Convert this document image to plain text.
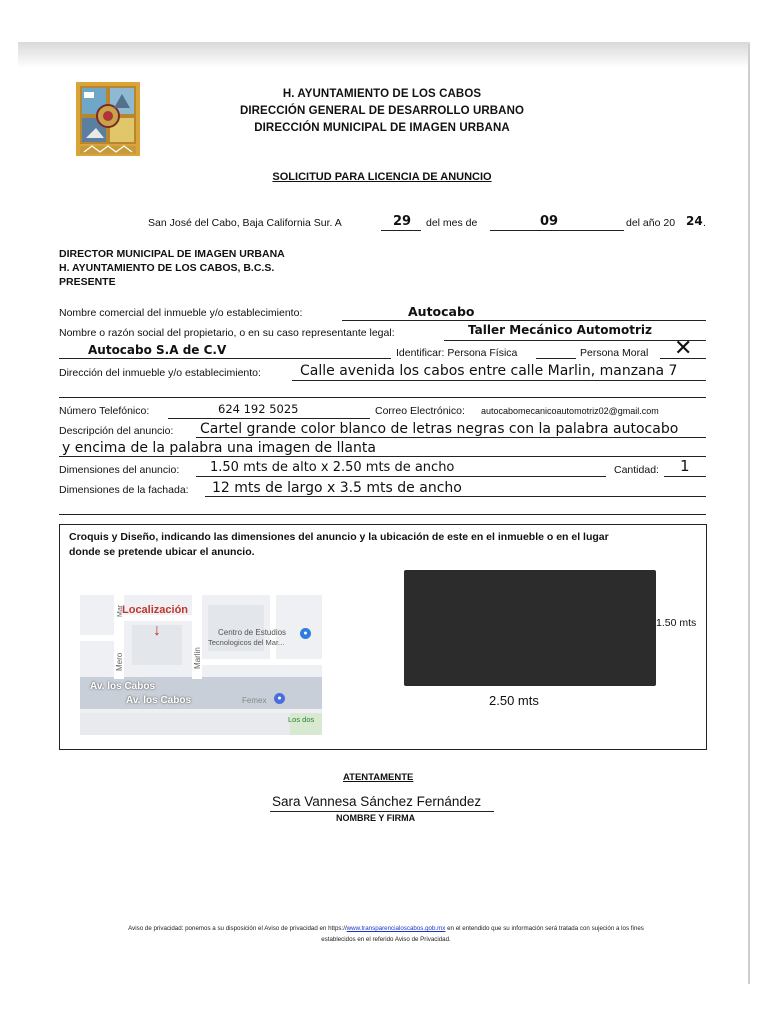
H. AYUNTAMIENTO DE LOS CABOS
DIRECCIÓN GENERAL DE DESARROLLO URBANO
DIRECCIÓN MUNICIPAL DE IMAGEN URBANA
SOLICITUD PARA LICENCIA DE ANUNCIO
San José del Cabo, Baja California Sur. A	29 del mes de	09	del año 20 24 .
DIRECTOR MUNICIPAL DE IMAGEN URBANA
H. AYUNTAMIENTO DE LOS CABOS, B.C.S.
PRESENTE
Nombre comercial del inmueble y/o establecimiento:	Autocabo
Nombre o razón social del propietario, o en su caso representante legal:	Taller Mecánico Automotriz
Autocabo S.A de C.V	Identificar: Persona Física	Persona Moral ✕
Dirección del inmueble y/o establecimiento:	Calle avenida los cabos entre calle Marlin, manzana 7
Número Telefónico:	624 192 5025	Correo Electrónico: autocabomecanicoautomotriz02@gmail.com
Descripción del anuncio: Cartel grande color blanco de letras negras con la palabra autocabo
y encima de la palabra una imagen de llanta
Dimensiones del anuncio: 1.50 mts de alto x 2.50 mts de ancho	Cantidad: 1
Dimensiones de la fachada: 12 mts de largo x 3.5 mts de ancho
Croquis y Diseño, indicando las dimensiones del anuncio y la ubicación de este en el inmueble o en el lugar
donde se pretende ubicar el anuncio.
Localización
↓	Centro de Estudios
Tecnologicos del Mar...
●
Mar
Mero	Marlin
Av. los Cabos
Av. los Cabos	Femex	●
Los dos
1.50 mts
2.50 mts
ATENTAMENTE
Sara Vannesa Sánchez Fernández
NOMBRE Y FIRMA
Aviso de privacidad: ponemos a su disposición el Aviso de privacidad en https://www.transparencialoscabos.gob.mx en el entendido que su información será tratada con sujeción a los fines
establecidos en el referido Aviso de Privacidad.
